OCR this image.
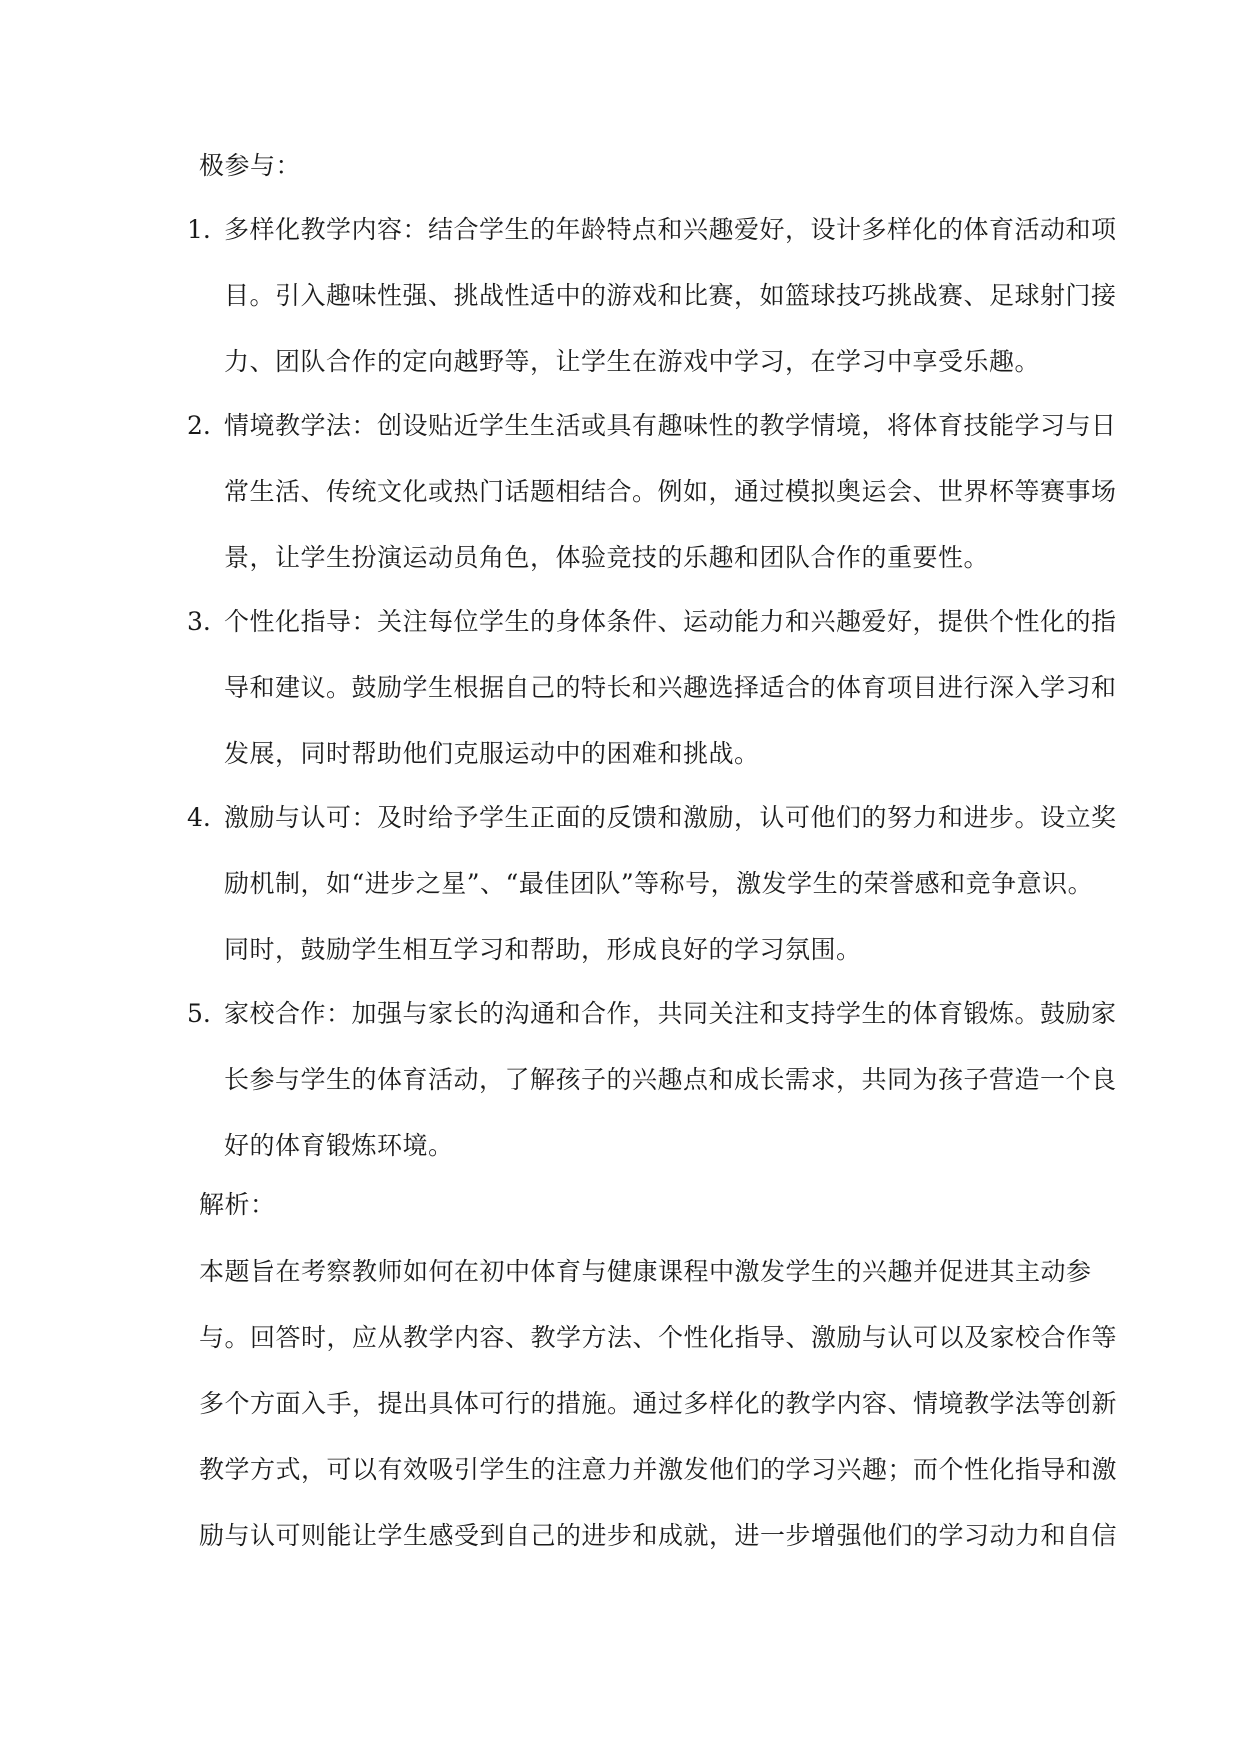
极参与：
1. 多样化教学内容：结合学生的年龄特点和兴趣爱好，设计多样化的体育活动和项
目。引入趣味性强、挑战性适中的游戏和比赛，如篮球技巧挑战赛、足球射门接
力、团队合作的定向越野等，让学生在游戏中学习，在学习中享受乐趣。
2. 情境教学法：创设贴近学生生活或具有趣味性的教学情境，将体育技能学习与日
常生活、传统文化或热门话题相结合。例如，通过模拟奥运会、世界杯等赛事场
景，让学生扮演运动员角色，体验竞技的乐趣和团队合作的重要性。
3. 个性化指导：关注每位学生的身体条件、运动能力和兴趣爱好，提供个性化的指
导和建议。鼓励学生根据自己的特长和兴趣选择适合的体育项目进行深入学习和
发展，同时帮助他们克服运动中的困难和挑战。
4. 激励与认可：及时给予学生正面的反馈和激励，认可他们的努力和进步。设立奖
励机制，如“进步之星”、“最佳团队”等称号，激发学生的荣誉感和竞争意识。
同时，鼓励学生相互学习和帮助，形成良好的学习氛围。
5. 家校合作：加强与家长的沟通和合作，共同关注和支持学生的体育锻炼。鼓励家
长参与学生的体育活动，了解孩子的兴趣点和成长需求，共同为孩子营造一个良
好的体育锻炼环境。
解析：
本题旨在考察教师如何在初中体育与健康课程中激发学生的兴趣并促进其主动参
与。回答时，应从教学内容、教学方法、个性化指导、激励与认可以及家校合作等
多个方面入手，提出具体可行的措施。通过多样化的教学内容、情境教学法等创新
教学方式，可以有效吸引学生的注意力并激发他们的学习兴趣；而个性化指导和激
励与认可则能让学生感受到自己的进步和成就，进一步增强他们的学习动力和自信
